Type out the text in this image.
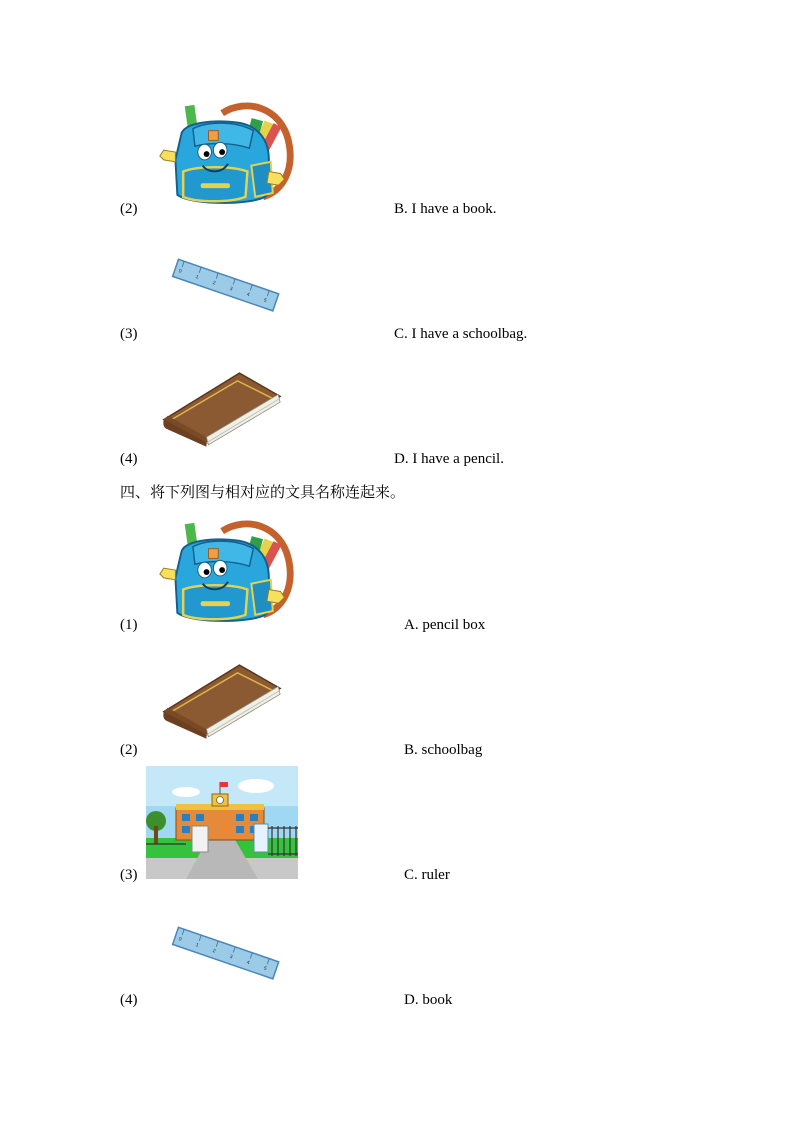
(2)	B. I have a book.
0
1
2
3
4
5
(3)	C. I have a schoolbag.
(4)	D. I have a pencil.
四、将下列图与相对应的文具名称连起来。
(1)	A. pencil box
(2)	B. schoolbag
(3)	C. ruler
0
1
2
3
4
5
(4)	D. book
